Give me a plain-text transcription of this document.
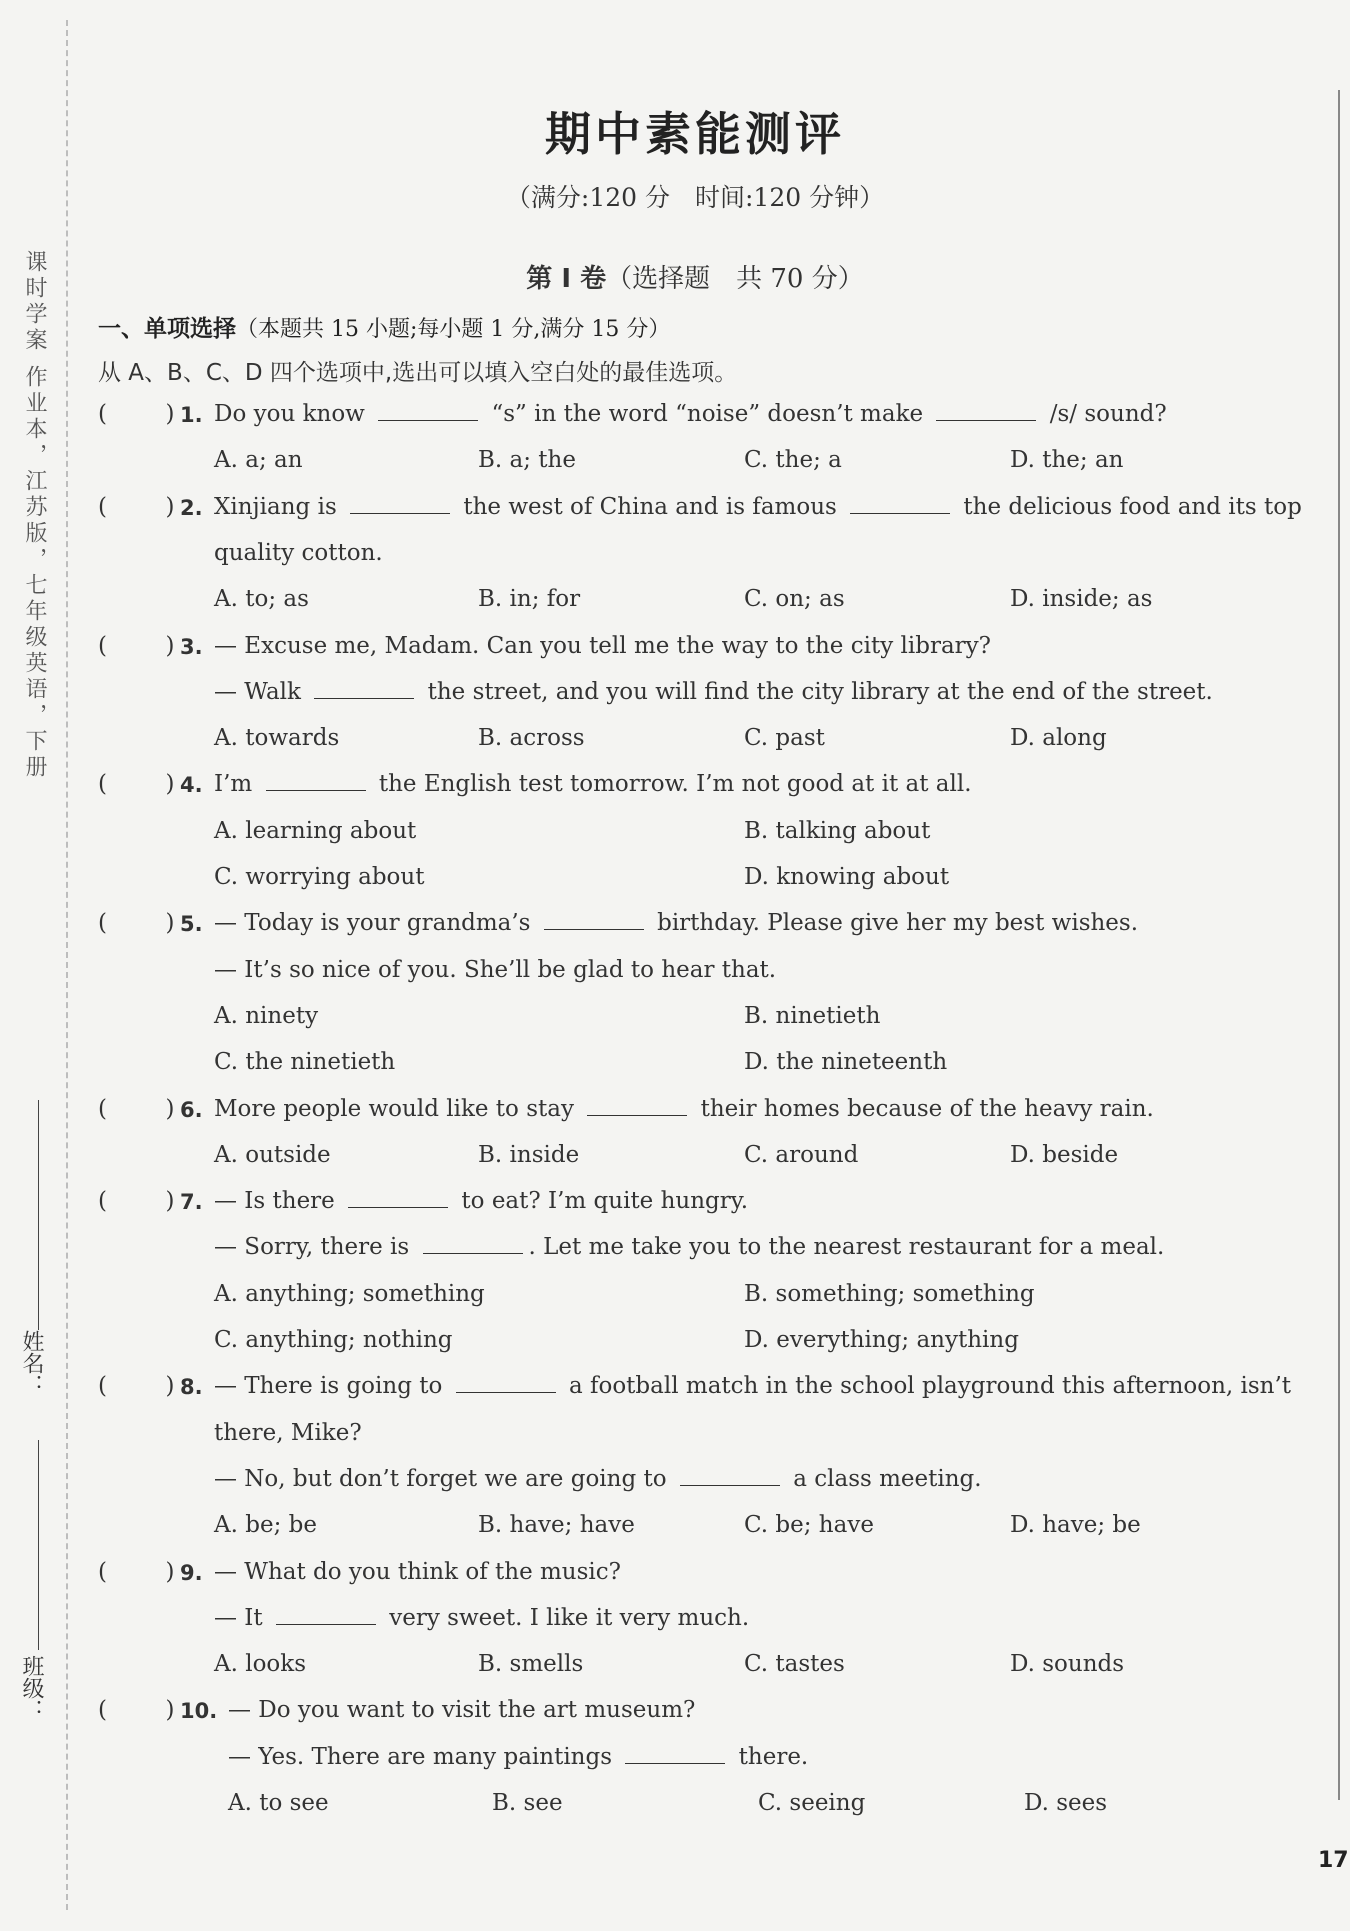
课时学案 作业本，江苏版，七年级英语，下册
姓名：
班级：
期中素能测评
（满分:120 分　时间:120 分钟）
第 I 卷（选择题　共 70 分）
一、单项选择（本题共 15 小题;每小题 1 分,满分 15 分）
从 A、B、C、D 四个选项中,选出可以填入空白处的最佳选项。
(        ) 1. Do you know	“s” in the word “noise” doesn’t make	/s/ sound?
A. a; an	B. a; the	C. the; a	D. the; an
(        ) 2. Xinjiang is	the west of China and is famous	the delicious food and its top
quality cotton.
A. to; as	B. in; for	C. on; as	D. inside; as
(        ) 3. — Excuse me, Madam. Can you tell me the way to the city library?
— Walk	the street, and you will find the city library at the end of the street.
A. towards	B. across	C. past	D. along
(        ) 4. I’m	the English test tomorrow. I’m not good at it at all.
A. learning about	B. talking about
C. worrying about	D. knowing about
(        ) 5. — Today is your grandma’s	birthday. Please give her my best wishes.
— It’s so nice of you. She’ll be glad to hear that.
A. ninety	B. ninetieth
C. the ninetieth	D. the nineteenth
(        ) 6. More people would like to stay	their homes because of the heavy rain.
A. outside	B. inside	C. around	D. beside
(        ) 7. — Is there	to eat? I’m quite hungry.
— Sorry, there is	. Let me take you to the nearest restaurant for a meal.
A. anything; something	B. something; something
C. anything; nothing	D. everything; anything
(        ) 8. — There is going to	a football match in the school playground this afternoon, isn’t
there, Mike?
— No, but don’t forget we are going to	a class meeting.
A. be; be	B. have; have	C. be; have	D. have; be
(        ) 9. — What do you think of the music?
— It	very sweet. I like it very much.
A. looks	B. smells	C. tastes	D. sounds
(        ) 10. — Do you want to visit the art museum?
— Yes. There are many paintings	there.
A. to see	B. see	C. seeing	D. sees
17
